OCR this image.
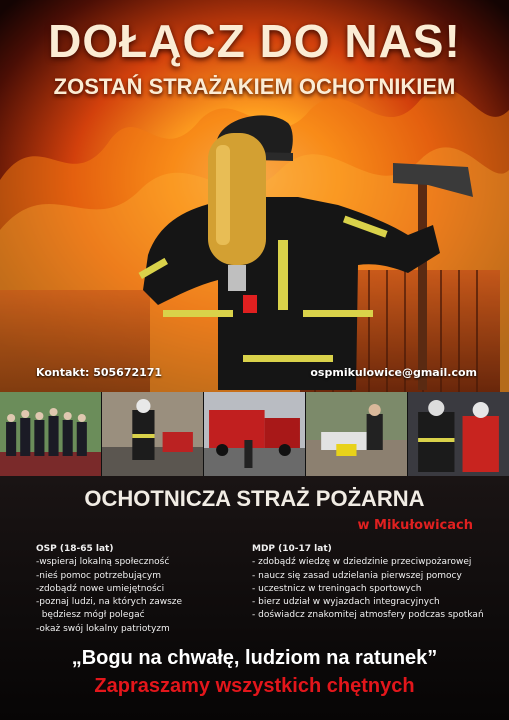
DOŁĄCZ DO NAS!
ZOSTAŃ STRAŻAKIEM OCHOTNIKIEM
Kontakt: 505672171	ospmikulowice@gmail.com
OCHOTNICZA STRAŻ POŻARNA
w Mikułowicach
OSP (18-65 lat)
-wspieraj lokalną społeczność
-nieś pomoc potrzebującym
-zdobądź nowe umiejętności
-poznaj ludzi, na których zawsze
będziesz mógł polegać
-okaż swój lokalny patriotyzm
MDP (10-17 lat)
- zdobądź wiedzę w dziedzinie przeciwpożarowej
- naucz się zasad udzielania pierwszej pomocy
- uczestnicz w treningach sportowych
- bierz udział w wyjazdach integracyjnych
- doświadcz znakomitej atmosfery podczas spotkań
„Bogu na chwałę, ludziom na ratunek”
Zapraszamy wszystkich chętnych
